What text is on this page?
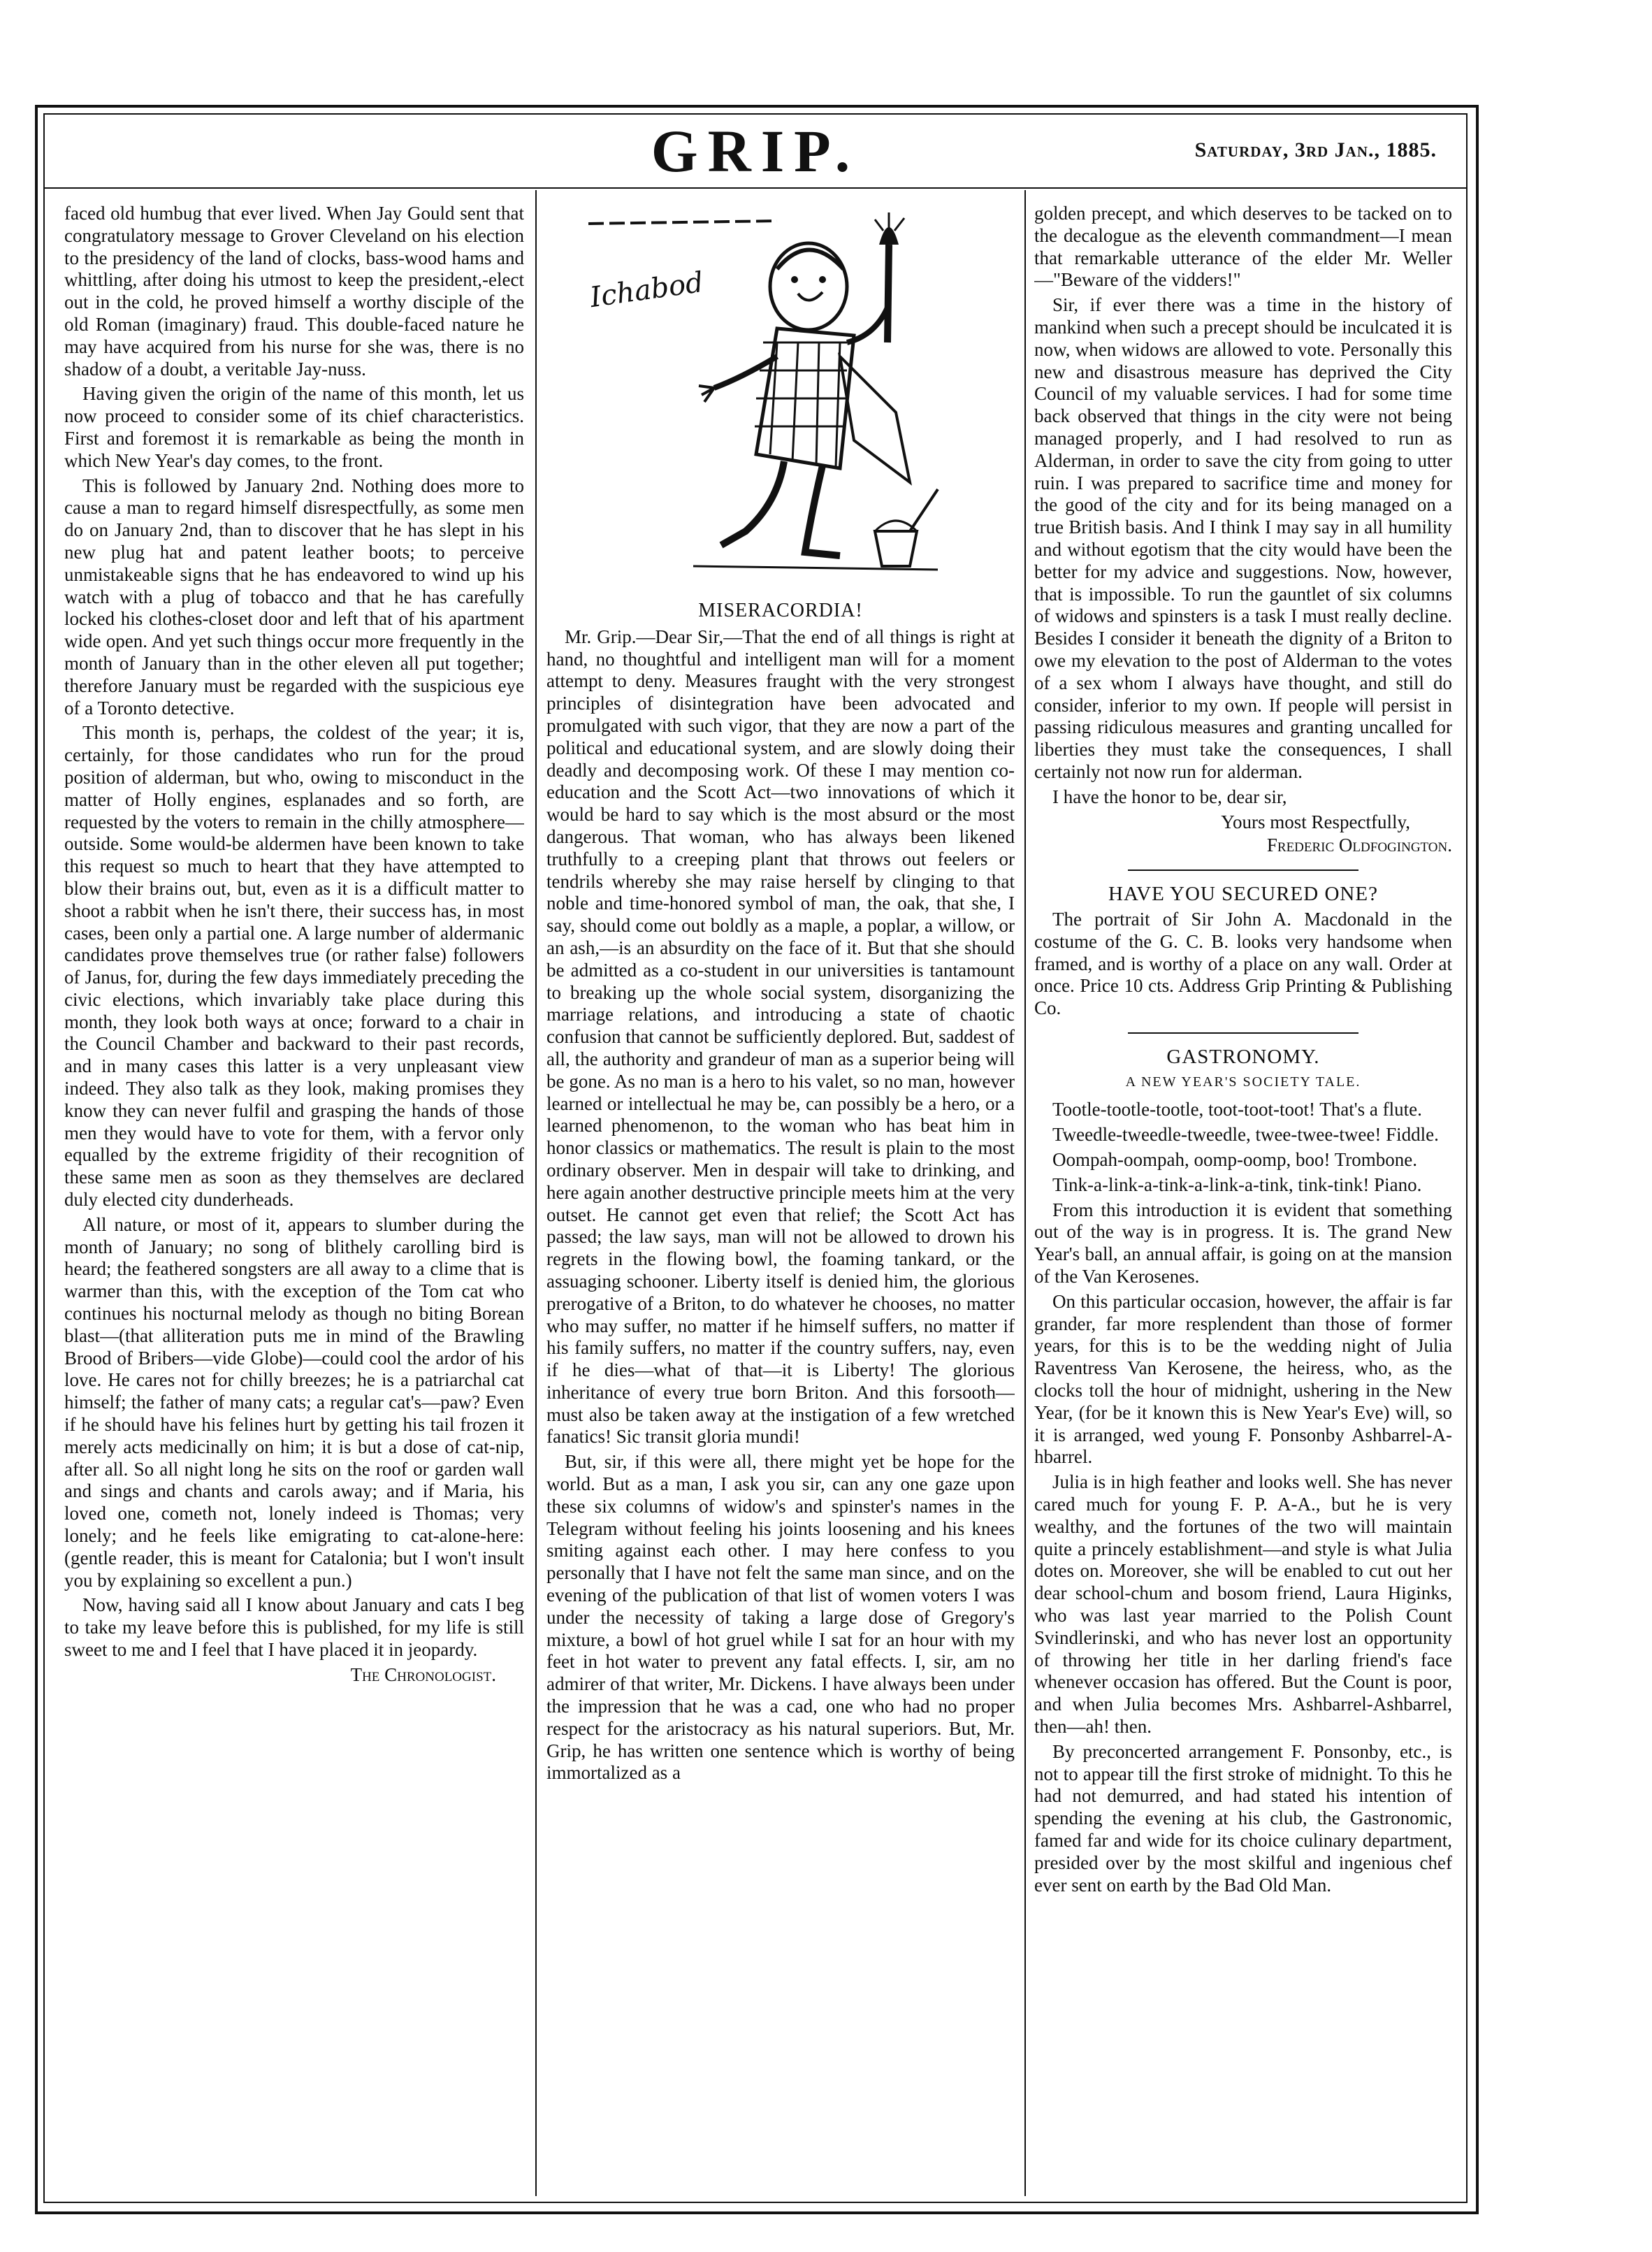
GRIP.	Saturday, 3rd Jan., 1885.

faced old humbug that ever lived. When Jay Gould sent that congratulatory message to Grover Cleveland on his election to the presidency of the land of clocks, bass-wood hams and whittling, after doing his utmost to keep the president,-elect out in the cold, he proved himself a worthy disciple of the old Roman (imaginary) fraud. This double-faced nature he may have acquired from his nurse for she was, there is no shadow of a doubt, a veritable Jay-nuss.

Having given the origin of the name of this month, let us now proceed to consider some of its chief characteristics. First and foremost it is remarkable as being the month in which New Year's day comes, to the front.

This is followed by January 2nd. Nothing does more to cause a man to regard himself disrespectfully, as some men do on January 2nd, than to discover that he has slept in his new plug hat and patent leather boots; to perceive unmistakeable signs that he has endeavored to wind up his watch with a plug of tobacco and that he has carefully locked his clothes-closet door and left that of his apartment wide open. And yet such things occur more frequently in the month of January than in the other eleven all put together; therefore January must be regarded with the suspicious eye of a Toronto detective.

This month is, perhaps, the coldest of the year; it is, certainly, for those candidates who run for the proud position of alderman, but who, owing to misconduct in the matter of Holly engines, esplanades and so forth, are requested by the voters to remain in the chilly atmosphere—outside. Some would-be aldermen have been known to take this request so much to heart that they have attempted to blow their brains out, but, even as it is a difficult matter to shoot a rabbit when he isn't there, their success has, in most cases, been only a partial one. A large number of aldermanic candidates prove themselves true (or rather false) followers of Janus, for, during the few days immediately preceding the civic elections, which invariably take place during this month, they look both ways at once; forward to a chair in the Council Chamber and backward to their past records, and in many cases this latter is a very unpleasant view indeed. They also talk as they look, making promises they know they can never fulfil and grasping the hands of those men they would have to vote for them, with a fervor only equalled by the extreme frigidity of their recognition of these same men as soon as they themselves are declared duly elected city dunderheads.

All nature, or most of it, appears to slumber during the month of January; no song of blithely carolling bird is heard; the feathered songsters are all away to a clime that is warmer than this, with the exception of the Tom cat who continues his nocturnal melody as though no biting Borean blast—(that alliteration puts me in mind of the Brawling Brood of Bribers—vide Globe)—could cool the ardor of his love. He cares not for chilly breezes; he is a patriarchal cat himself; the father of many cats; a regular cat's—paw? Even if he should have his felines hurt by getting his tail frozen it merely acts medicinally on him; it is but a dose of cat-nip, after all. So all night long he sits on the roof or garden wall and sings and chants and carols away; and if Maria, his loved one, cometh not, lonely indeed is Thomas; very lonely; and he feels like emigrating to cat-alone-here: (gentle reader, this is meant for Catalonia; but I won't insult you by explaining so excellent a pun.)

Now, having said all I know about January and cats I beg to take my leave before this is published, for my life is still sweet to me and I feel that I have placed it in jeopardy.

The Chronologist.
Ichabod
MISERACORDIA!

Mr. Grip.—Dear Sir,—That the end of all things is right at hand, no thoughtful and intelligent man will for a moment attempt to deny. Measures fraught with the very strongest principles of disintegration have been advocated and promulgated with such vigor, that they are now a part of the political and educational system, and are slowly doing their deadly and decomposing work. Of these I may mention co-education and the Scott Act—two innovations of which it would be hard to say which is the most absurd or the most dangerous. That woman, who has always been likened truthfully to a creeping plant that throws out feelers or tendrils whereby she may raise herself by clinging to that noble and time-honored symbol of man, the oak, that she, I say, should come out boldly as a maple, a poplar, a willow, or an ash,—is an absurdity on the face of it. But that she should be admitted as a co-student in our universities is tantamount to breaking up the whole social system, disorganizing the marriage relations, and introducing a state of chaotic confusion that cannot be sufficiently deplored. But, saddest of all, the authority and grandeur of man as a superior being will be gone. As no man is a hero to his valet, so no man, however learned or intellectual he may be, can possibly be a hero, or a learned phenomenon, to the woman who has beat him in honor classics or mathematics. The result is plain to the most ordinary observer. Men in despair will take to drinking, and here again another destructive principle meets him at the very outset. He cannot get even that relief; the Scott Act has passed; the law says, man will not be allowed to drown his regrets in the flowing bowl, the foaming tankard, or the assuaging schooner. Liberty itself is denied him, the glorious prerogative of a Briton, to do whatever he chooses, no matter who may suffer, no matter if he himself suffers, no matter if his family suffers, no matter if the country suffers, nay, even if he dies—what of that—it is Liberty! The glorious inheritance of every true born Briton. And this forsooth—must also be taken away at the instigation of a few wretched fanatics! Sic transit gloria mundi!

But, sir, if this were all, there might yet be hope for the world. But as a man, I ask you sir, can any one gaze upon these six columns of widow's and spinster's names in the Telegram without feeling his joints loosening and his knees smiting against each other. I may here confess to you personally that I have not felt the same man since, and on the evening of the publication of that list of women voters I was under the necessity of taking a large dose of Gregory's mixture, a bowl of hot gruel while I sat for an hour with my feet in hot water to prevent any fatal effects. I, sir, am no admirer of that writer, Mr. Dickens. I have always been under the impression that he was a cad, one who had no proper respect for the aristocracy as his natural superiors. But, Mr. Grip, he has written one sentence which is worthy of being immortalized as a

golden precept, and which deserves to be tacked on to the decalogue as the eleventh commandment—I mean that remarkable utterance of the elder Mr. Weller—"Beware of the vidders!"

Sir, if ever there was a time in the history of mankind when such a precept should be inculcated it is now, when widows are allowed to vote. Personally this new and disastrous measure has deprived the City Council of my valuable services. I had for some time back observed that things in the city were not being managed properly, and I had resolved to run as Alderman, in order to save the city from going to utter ruin. I was prepared to sacrifice time and money for the good of the city and for its being managed on a true British basis. And I think I may say in all humility and without egotism that the city would have been the better for my advice and suggestions. Now, however, that is impossible. To run the gauntlet of six columns of widows and spinsters is a task I must really decline. Besides I consider it beneath the dignity of a Briton to owe my elevation to the post of Alderman to the votes of a sex whom I always have thought, and still do consider, inferior to my own. If people will persist in passing ridiculous measures and granting uncalled for liberties they must take the consequences, I shall certainly not now run for alderman.

I have the honor to be, dear sir,

Yours most Respectfully,
Frederic Oldfogington.
HAVE YOU SECURED ONE?

The portrait of Sir John A. Macdonald in the costume of the G. C. B. looks very handsome when framed, and is worthy of a place on any wall. Order at once. Price 10 cts. Address Grip Printing & Publishing Co.

GASTRONOMY.
A NEW YEAR'S SOCIETY TALE.

Tootle-tootle-tootle, toot-toot-toot! That's a flute.

Tweedle-tweedle-tweedle, twee-twee-twee! Fiddle.

Oompah-oompah, oomp-oomp, boo! Trombone.

Tink-a-link-a-tink-a-link-a-tink, tink-tink! Piano.

From this introduction it is evident that something out of the way is in progress. It is. The grand New Year's ball, an annual affair, is going on at the mansion of the Van Kerosenes.

On this particular occasion, however, the affair is far grander, far more resplendent than those of former years, for this is to be the wedding night of Julia Raventress Van Kerosene, the heiress, who, as the clocks toll the hour of midnight, ushering in the New Year, (for be it known this is New Year's Eve) will, so it is arranged, wed young F. Ponsonby Ashbarrel-A-hbarrel.

Julia is in high feather and looks well. She has never cared much for young F. P. A-A., but he is very wealthy, and the fortunes of the two will maintain quite a princely establishment—and style is what Julia dotes on. Moreover, she will be enabled to cut out her dear school-chum and bosom friend, Laura Higinks, who was last year married to the Polish Count Svindlerinski, and who has never lost an opportunity of throwing her title in her darling friend's face whenever occasion has offered. But the Count is poor, and when Julia becomes Mrs. Ashbarrel-Ashbarrel, then—ah! then.

By preconcerted arrangement F. Ponsonby, etc., is not to appear till the first stroke of midnight. To this he had not demurred, and had stated his intention of spending the evening at his club, the Gastronomic, famed far and wide for its choice culinary department, presided over by the most skilful and ingenious chef ever sent on earth by the Bad Old Man.
